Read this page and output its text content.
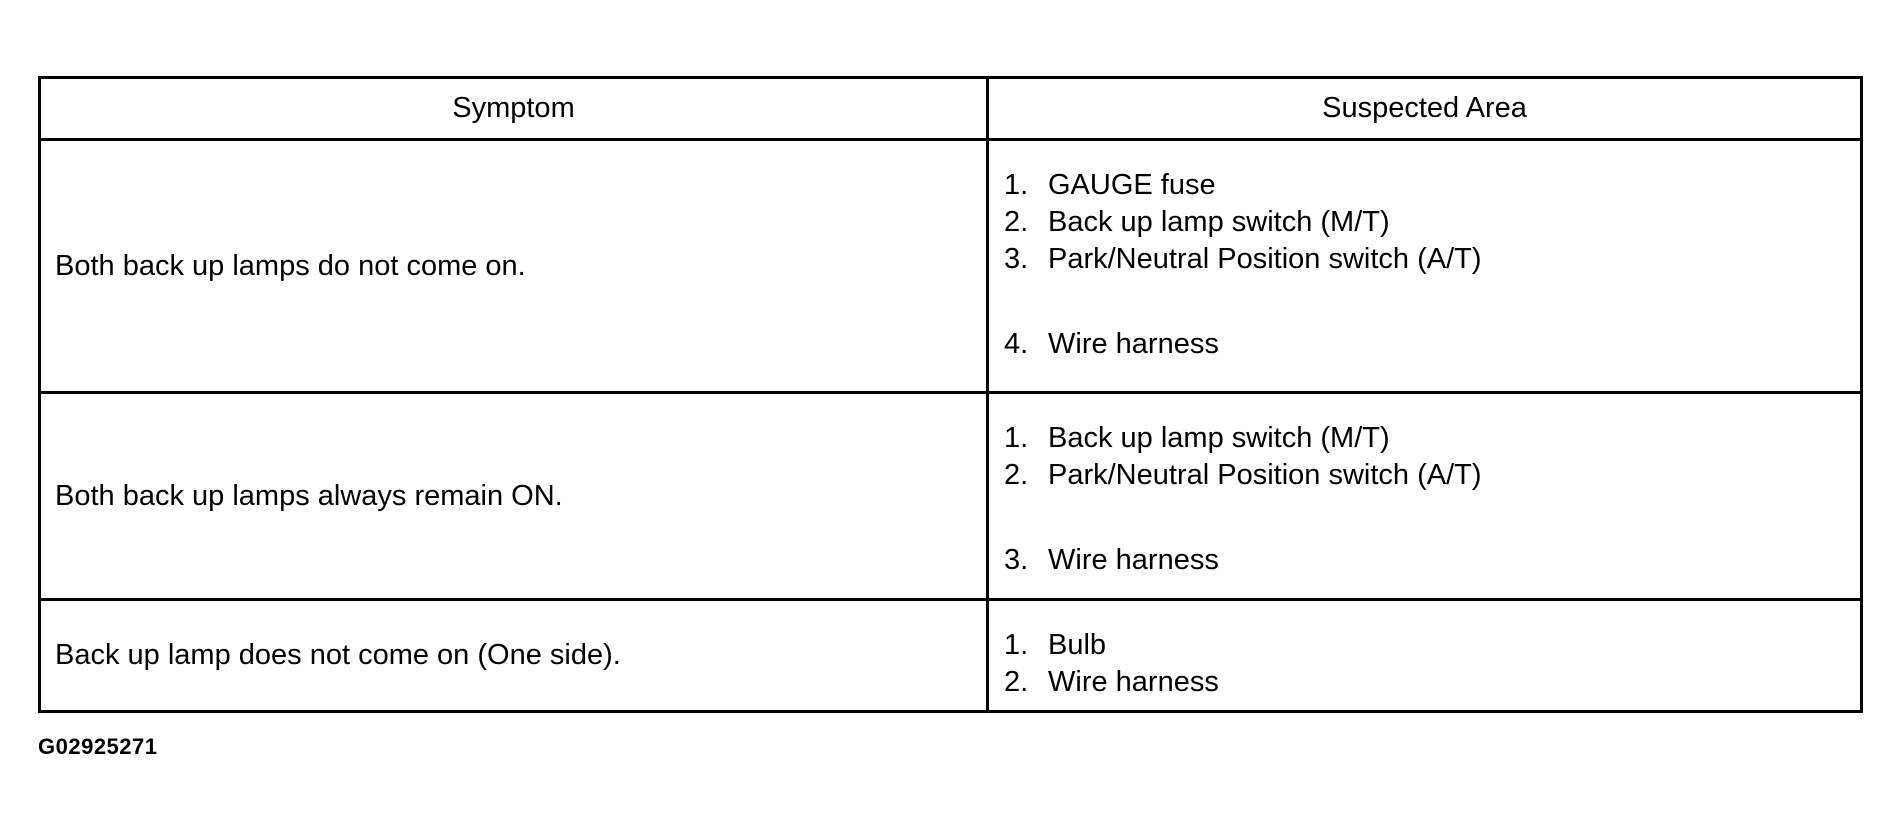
Symptom	Suspected Area
Both back up lamps do not come on.	1. GAUGE fuse
2. Back up lamp switch (M/T)
3. Park/Neutral Position switch (A/T)
4. Wire harness

Both back up lamps always remain ON.	1. Back up lamp switch (M/T)
2. Park/Neutral Position switch (A/T)
3. Wire harness

Back up lamp does not come on (One side).	1. Bulb
2. Wire harness
G02925271
